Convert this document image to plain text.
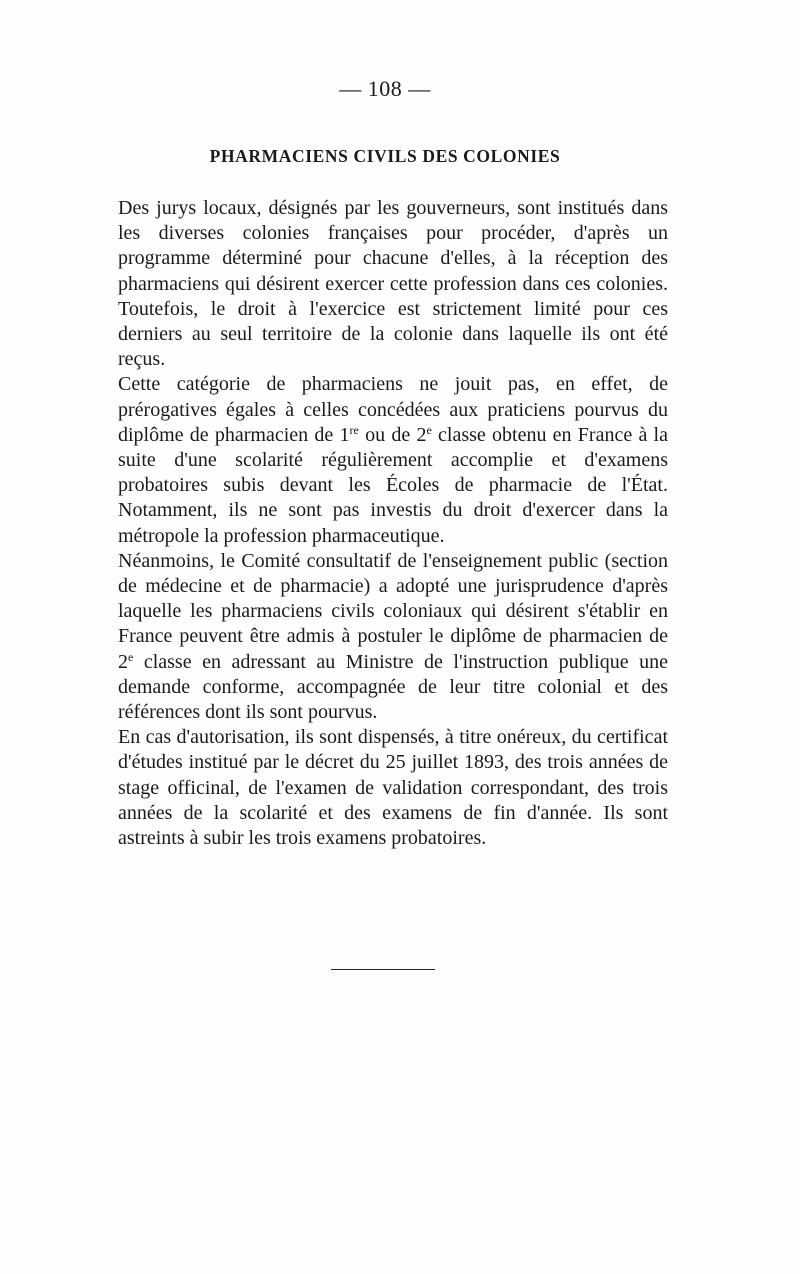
— 108 —
PHARMACIENS CIVILS DES COLONIES

Des jurys locaux, désignés par les gouverneurs, sont institués dans les diverses colonies françaises pour procéder, d'après un programme déterminé pour chacune d'elles, à la réception des pharmaciens qui désirent exercer cette profession dans ces colonies. Toutefois, le droit à l'exercice est strictement limité pour ces derniers au seul territoire de la colonie dans laquelle ils ont été reçus.

Cette catégorie de pharmaciens ne jouit pas, en effet, de prérogatives égales à celles concédées aux praticiens pourvus du diplôme de pharmacien de 1re ou de 2e classe obtenu en France à la suite d'une scolarité régulièrement accomplie et d'examens probatoires subis devant les Écoles de pharmacie de l'État. Notamment, ils ne sont pas investis du droit d'exercer dans la métropole la profession pharmaceutique.

Néanmoins, le Comité consultatif de l'enseignement public (section de médecine et de pharmacie) a adopté une jurisprudence d'après laquelle les pharmaciens civils coloniaux qui désirent s'établir en France peuvent être admis à postuler le diplôme de pharmacien de 2e classe en adressant au Ministre de l'instruction publique une demande conforme, accompagnée de leur titre colonial et des références dont ils sont pourvus.

En cas d'autorisation, ils sont dispensés, à titre onéreux, du certificat d'études institué par le décret du 25 juillet 1893, des trois années de stage officinal, de l'examen de validation correspondant, des trois années de la scolarité et des examens de fin d'année. Ils sont astreints à subir les trois examens probatoires.
